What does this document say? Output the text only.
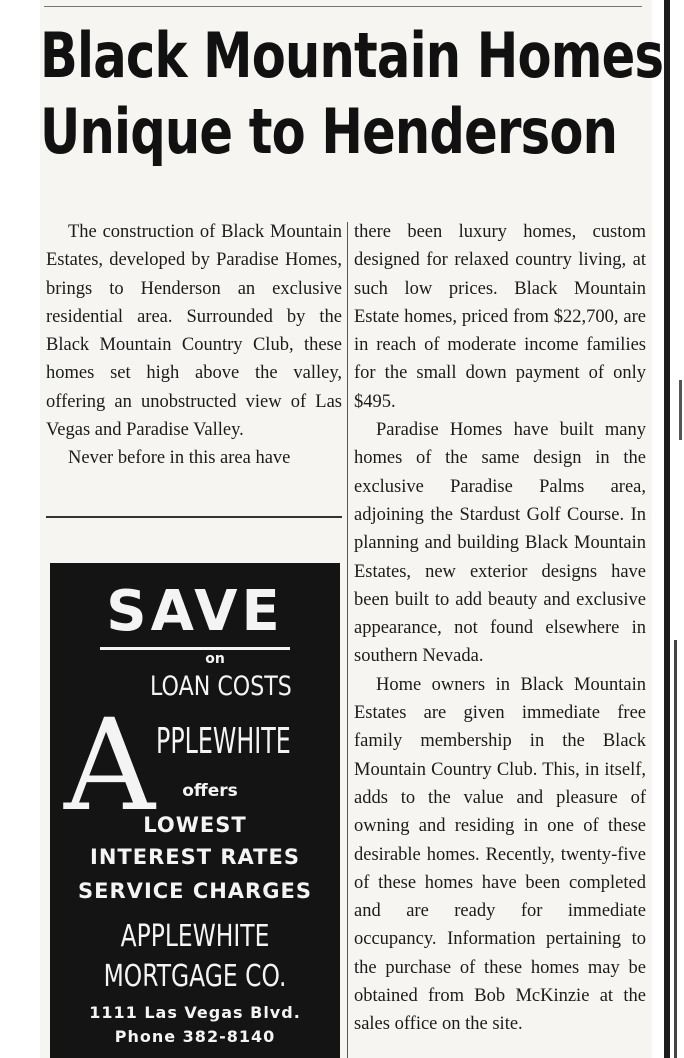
Black Mountain Homes
Unique to Henderson

The construction of Black Mountain Estates, developed by Paradise Homes, brings to Henderson an exclusive residential area. Surrounded by the Black Mountain Country Club, these homes set high above the valley, offering an unobstructed view of Las Vegas and Paradise Valley.

Never before in this area have

there been luxury homes, custom designed for relaxed country living, at such low prices. Black Mountain Estate homes, priced from $22,700, are in reach of moderate income families for the small down payment of only $495.

Paradise Homes have built many homes of the same design in the exclusive Paradise Palms area, adjoining the Stardust Golf Course. In planning and building Black Mountain Estates, new exterior designs have been built to add beauty and exclusive appearance, not found elsewhere in southern Nevada.

Home owners in Black Mountain Estates are given immediate free family membership in the Black Mountain Country Club. This, in itself, adds to the value and pleasure of owning and residing in one of these desirable homes. Recently, twenty-five of these homes have been completed and are ready for immediate occupancy. Information pertaining to the purchase of these homes may be obtained from Bob McKinzie at the sales office on the site.

SAVE
on
LOAN COSTS
A PPLEWHITE
offers
LOWEST
INTEREST RATES
SERVICE CHARGES
APPLEWHITE
MORTGAGE CO.
1111 Las Vegas Blvd.
Phone 382-8140
